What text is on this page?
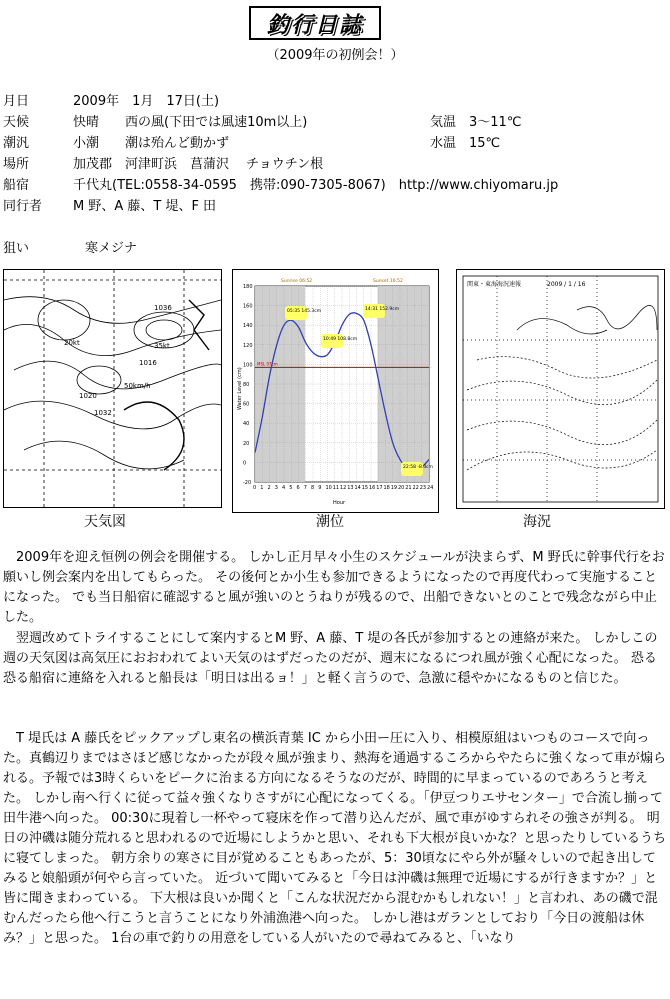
釣行日誌
（2009年の初例会！）
月日	2009年　1月　17日(土)
天候	快晴　　西の風(下田では風速10m以上)	気温　3～11℃
潮汎	小潮　　潮は殆んど動かず	水温　15℃
場所	加茂郡　河津町浜　菖蒲沢　 チョウチン根
船宿	千代丸(TEL:0558-34-0595　携帯:090-7305-8067)　http://www.chiyomaru.jp
同行者 M 野、A 藤、T 堤、F 田
狙い	寒メジナ
1016
1020
1032
1036
20kt
50km/h
35kt
MSL 97cm
0 1 2 3 4 5 6 7 8 9 10 11 12 13 14 15 16 17 18 19 20 21 22 23 24
-20
0
20
40
60
80
100
120
140
160
180
Sunrise 06:52	Sunset 16:52
Hour
Water Level (cm)
05:35 145.3cm
10:49 108.8cm
14:31 152.9cm
22:58 -8.3cm
関東・東海海況速報	2009 / 1 / 16
天気図	潮位	海況
　2009年を迎え恒例の例会を開催する。 しかし正月早々小生のスケジュールが決まらず、M 野氏に幹事代行をお願いし例会案内を出してもらった。 その後何とか小生も参加できるようになったので再度代わって実施することになった。 でも当日船宿に確認すると風が強いのとうねりが残るので、出船できないとのことで残念ながら中止した。
　翌週改めてトライすることにして案内するとM 野、A 藤、T 堤の各氏が参加するとの連絡が来た。 しかしこの週の天気図は高気圧におおわれてよい天気のはずだったのだが、週末になるにつれ風が強く心配になった。 恐る恐る船宿に連絡を入れると船長は「明日は出るョ！」と軽く言うので、急激に穏やかになるものと信じた。
　T 堤氏は A 藤氏をピックアップし東名の横浜青葉 IC から小田ー圧に入り、相模原組はいつものコースで向った。真鶴辺りまではさほど感じなかったが段々風が強まり、熱海を通過するころからやたらに強くなって車が煽られる。予報では3時くらいをピークに治まる方向になるそうなのだが、時間的に早まっているのであろうと考えた。 しかし南へ行くに従って益々強くなりさすがに心配になってくる。「伊豆つりエサセンター」で合流し揃って田牛港へ向った。 00:30に現着し一杯やって寝床を作って潜り込んだが、風で車がゆすられその強さが判る。 明日の沖磯は随分荒れると思われるので近場にしようかと思い、それも下大根が良いかな？と思ったりしているうちに寝てしまった。 朝方余りの寒さに目が覚めることもあったが、5：30頃なにやら外が騒々しいので起き出してみると娘船頭が何やら言っていた。 近づいて聞いてみると「今日は沖磯は無理で近場にするが行きますか？」と皆に聞きまわっている。 下大根は良いか聞くと「こんな状況だから混むかもしれない！」と言われ、あの磯で混むんだったら他へ行こうと言うことになり外浦漁港へ向った。 しかし港はガランとしており「今日の渡船は休み？」と思った。 1台の車で釣りの用意をしている人がいたので尋ねてみると、「いなり
